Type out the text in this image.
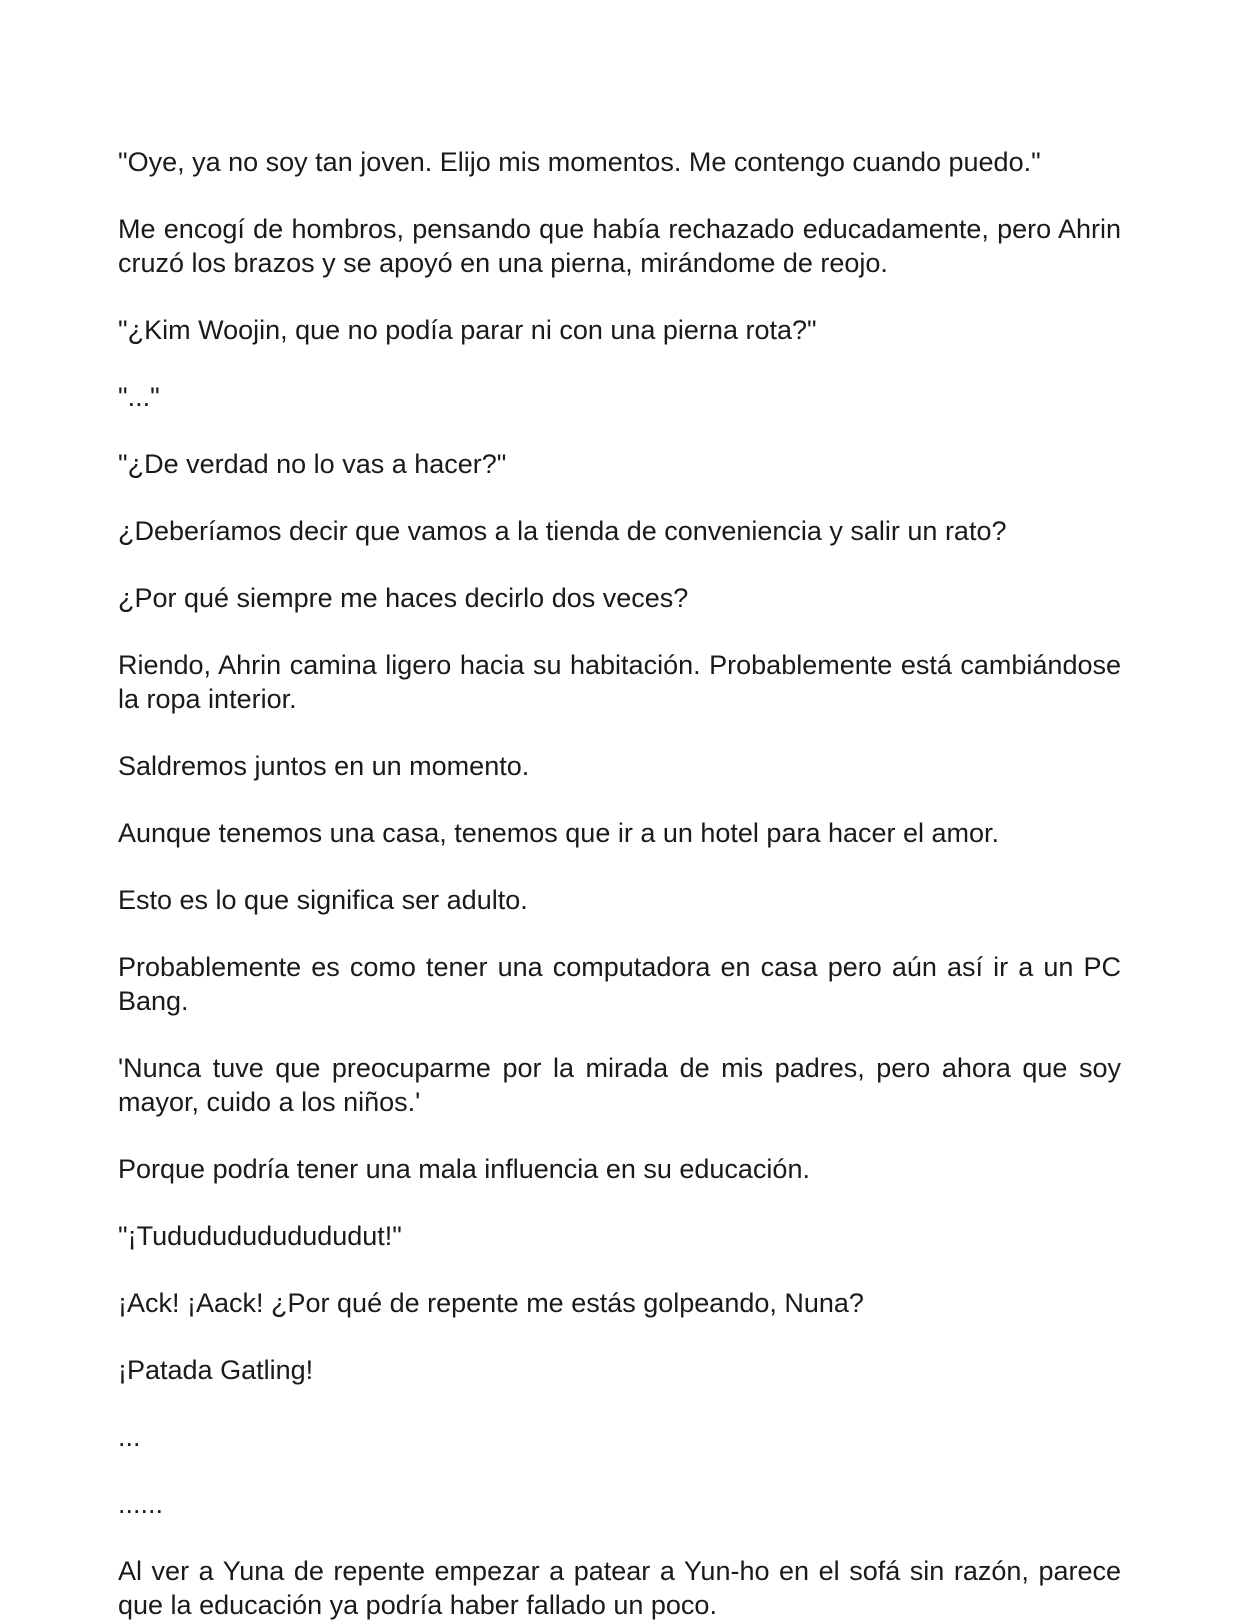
"Oye, ya no soy tan joven. Elijo mis momentos. Me contengo cuando puedo."

Me encogí de hombros, pensando que había rechazado educadamente, pero Ahrin cruzó los brazos y se apoyó en una pierna, mirándome de reojo.

"¿Kim Woojin, que no podía parar ni con una pierna rota?"

"..."

"¿De verdad no lo vas a hacer?"

¿Deberíamos decir que vamos a la tienda de conveniencia y salir un rato?

¿Por qué siempre me haces decirlo dos veces?

Riendo, Ahrin camina ligero hacia su habitación. Probablemente está cambiándose la ropa interior.

Saldremos juntos en un momento.

Aunque tenemos una casa, tenemos que ir a un hotel para hacer el amor.

Esto es lo que significa ser adulto.

Probablemente es como tener una computadora en casa pero aún así ir a un PC Bang.

'Nunca tuve que preocuparme por la mirada de mis padres, pero ahora que soy mayor, cuido a los niños.'

Porque podría tener una mala influencia en su educación.

"¡Tudududududududut!"

¡Ack! ¡Aack! ¿Por qué de repente me estás golpeando, Nuna?

¡Patada Gatling!

...

......

Al ver a Yuna de repente empezar a patear a Yun-ho en el sofá sin razón, parece que la educación ya podría haber fallado un poco.
